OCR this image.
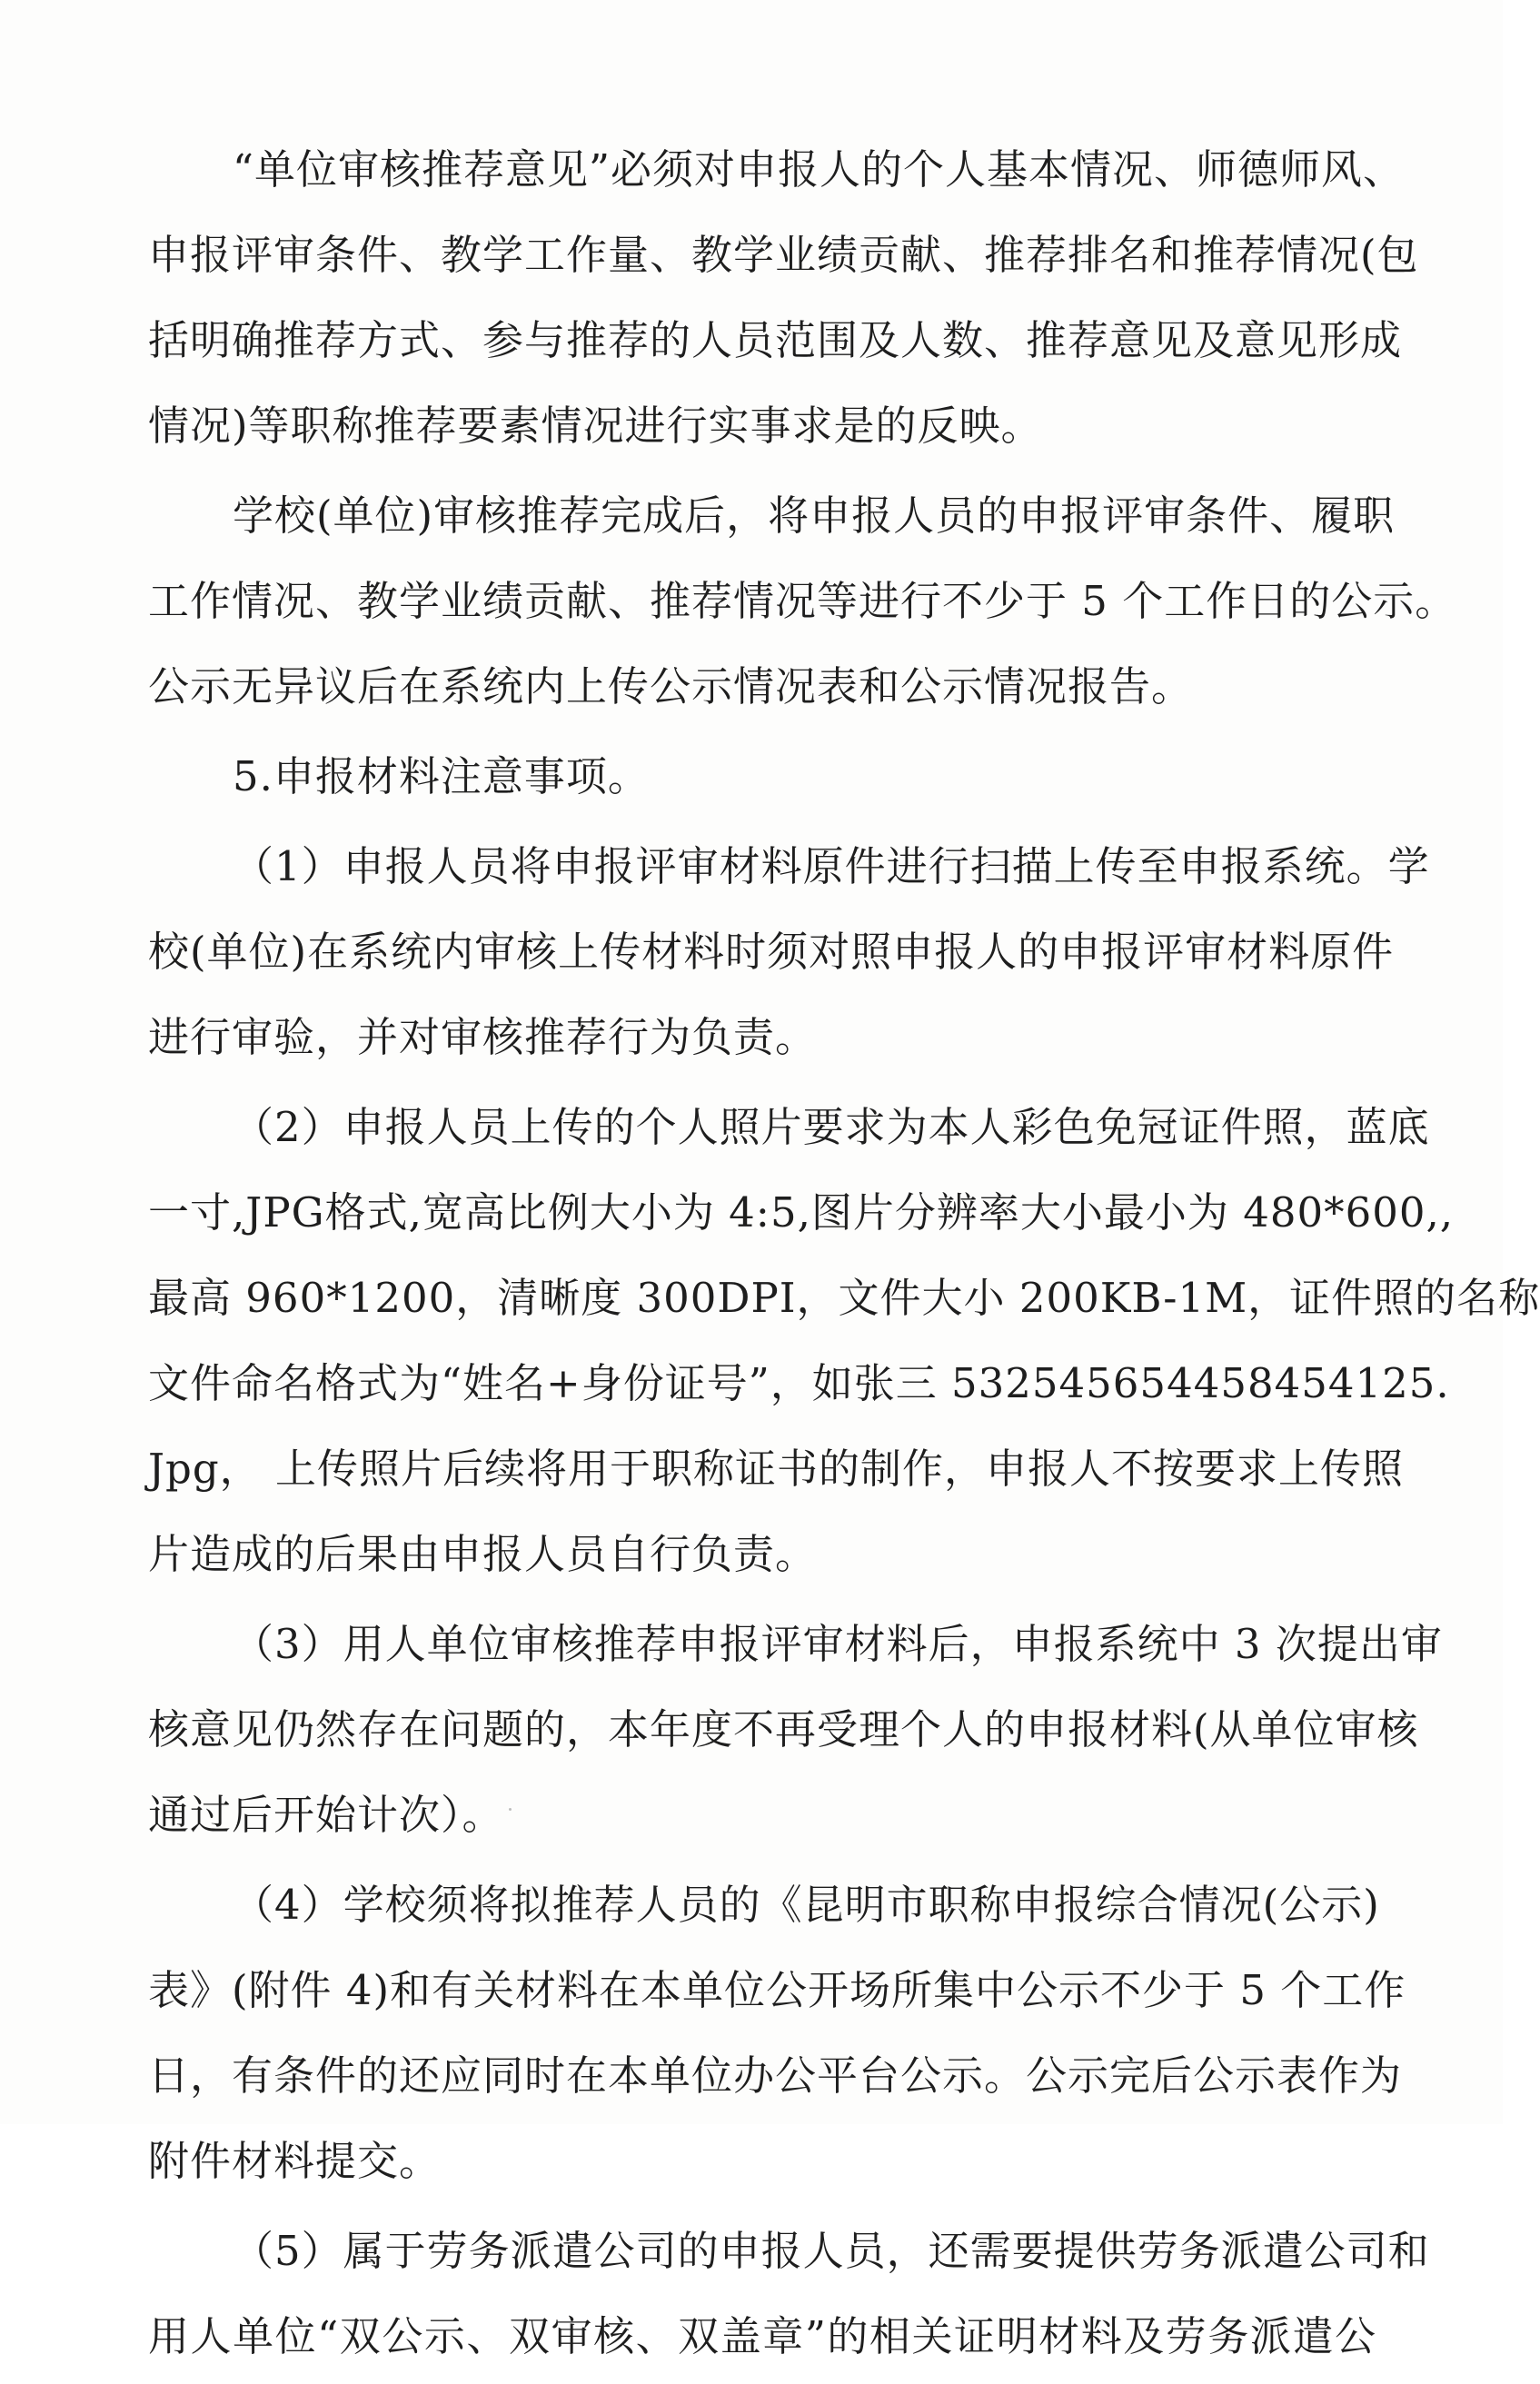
“单位审核推荐意见”必须对申报人的个人基本情况、师德师风、
申报评审条件、教学工作量、教学业绩贡献、推荐排名和推荐情况(包
括明确推荐方式、参与推荐的人员范围及人数、推荐意见及意见形成
情况)等职称推荐要素情况进行实事求是的反映。
学校(单位)审核推荐完成后，将申报人员的申报评审条件、履职
工作情况、教学业绩贡献、推荐情况等进行不少于 5 个工作日的公示。
公示无异议后在系统内上传公示情况表和公示情况报告。
5.申报材料注意事项。
（1）申报人员将申报评审材料原件进行扫描上传至申报系统。学
校(单位)在系统内审核上传材料时须对照申报人的申报评审材料原件
进行审验，并对审核推荐行为负责。
（2）申报人员上传的个人照片要求为本人彩色免冠证件照，蓝底
一寸,JPG格式,宽高比例大小为 4:5,图片分辨率大小最小为 480*600,,
最高 960*1200，清晰度 300DPI，文件大小 200KB-1M，证件照的名称
文件命名格式为“姓名+身份证号”，如张三 532545654458454125.
Jpg， 上传照片后续将用于职称证书的制作，申报人不按要求上传照
片造成的后果由申报人员自行负责。
（3）用人单位审核推荐申报评审材料后，申报系统中 3 次提出审
核意见仍然存在问题的，本年度不再受理个人的申报材料(从单位审核
通过后开始计次）。
（4）学校须将拟推荐人员的《昆明市职称申报综合情况(公示)
表》(附件 4)和有关材料在本单位公开场所集中公示不少于 5 个工作
日，有条件的还应同时在本单位办公平台公示。公示完后公示表作为
附件材料提交。
（5）属于劳务派遣公司的申报人员，还需要提供劳务派遣公司和
用人单位“双公示、双审核、双盖章”的相关证明材料及劳务派遣公
